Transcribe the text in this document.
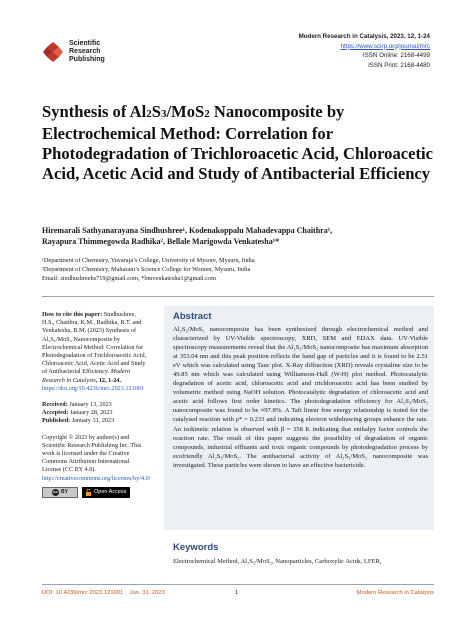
Scientific
Research
Publishing
Modern Research in Catalysis, 2023, 12, 1-24
https://www.scirp.org/journal/mrc
ISSN Online: 2168-4499
ISSN Print: 2168-4480
Synthesis of Al2S3/MoS2 Nanocomposite by Electrochemical Method: Correlation for Photodegradation of Trichloroacetic Acid, Chloroacetic Acid, Acetic Acid and Study of Antibacterial Efficiency
Hiremarali Sathyanarayana Sindhushree¹, Kodenakoppalu Mahadevappa Chaithra¹,
Rayapura Thimmegowda Radhika², Bellale Marigowda Venkatesha¹*
¹Department of Chemistry, Yuvaraja’s College, University of Mysore, Mysuru, India
²Department of Chemistry, Maharani’s Science College for Women, Mysuru, India
Email: sindhushreehs719@gmail.com, *bmvenkatesha1@gmail.com
How to cite this paper: Sindhushree, H.S., Chaithra, K.M., Radhika, R.T. and Venkatesha, B.M. (2023) Synthesis of Al₂S₃/MoS₂ Nanocomposite by Electrochemical Method: Correlation for Photodegradation of Trichloroacetic Acid, Chloroacetic Acid, Acetic Acid and Study of Antibacterial Efficiency. Modern Research in Catalysis, 12, 1-24.
https://doi.org/10.4236/mrc.2023.121001
Received: January 13, 2023
Accepted: January 28, 2023
Published: January 31, 2023
Copyright © 2023 by author(s) and Scientific Research Publishing Inc. This work is licensed under the Creative Commons Attribution International License (CC BY 4.0).
http://creativecommons.org/licenses/by/4.0/
cc BY	Open Access
Abstract
Al₂S₃/MoS₂ nanocomposite has been synthesized through electrochemical method and characterized by UV-Visible spectroscopy, XRD, SEM and EDAX data. UV-Visible spectroscopy measurements reveal that the Al₂S₃/MoS₂ nanocomposite has maximum absorption at 353.04 nm and this peak position reflects the band gap of particles and it is found to be 2.51 eV which was calculated using Tauc plot. X-Ray diffraction (XRD) reveals crystaline size to be 49.85 nm which was calculated using Williamson-Hall (W-H) plot method. Photocatalytic degradation of acetic acid, chloroacetic acid and trichloroacetic acid has been studied by volumetric method using NaOH solution. Photocatalytic degradation of chloroacetic acid and acetic acid follows first order kinetics. The photodegradation efficiency for Al₂S₃/MoS₂ nanocomposite was found to be ≈97.8%. A Taft linear free energy relationship is noted for the catalysed reaction with ρ* = 0.233 and indicating electron withdrawing groups enhance the rate. An isokinetic relation is observed with β = 358 K indicating that enthalpy factor controls the reaction rate. The result of this paper suggests the possibility of degradation of organic compounds, industrial effluants and toxic organic compounds by photodegradation process by ecofriendly Al₂S₃/MoS₂. The antibacterial activity of Al₂S₃/MoS₂ nanocomposite was investigated. These particles were shown to have an effective bactericide.
Keywords
Electrochemical Method, Al₂S₃/MoS₂, Nanoparticles, Carboxylic Acids, LFER,
DOI: 10.4236/mrc.2023.121001 Jan. 31, 2023	1	Modern Research in Catalysis
